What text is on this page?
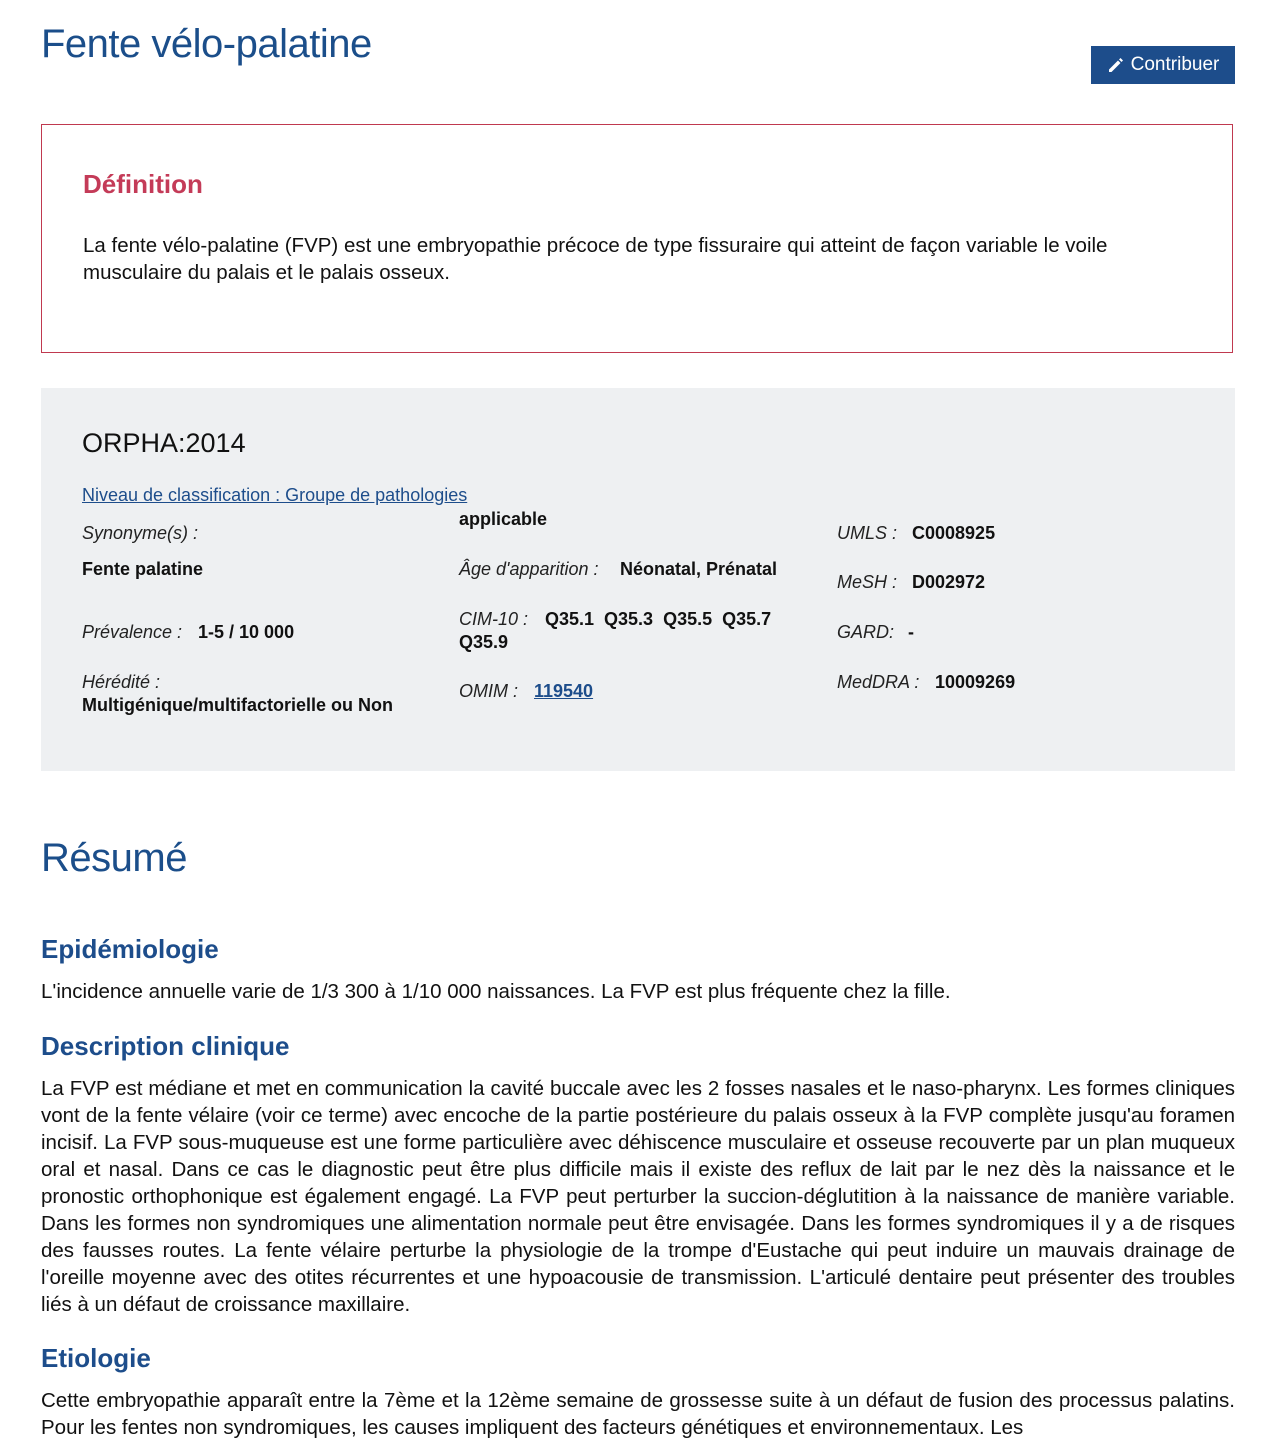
Fente vélo-palatine	Contribuer
Définition

La fente vélo-palatine (FVP) est une embryopathie précoce de type fissuraire qui atteint de façon variable le voile musculaire du palais et le palais osseux.

ORPHA:2014
Niveau de classification : Groupe de pathologies
Synonyme(s) :
Fente palatine
Prévalence : 1-5 / 10 000
Hérédité :
Multigénique/multifactorielle ou Non
applicable
Âge d'apparition : Néonatal, Prénatal
CIM-10 : Q35.1  Q35.3  Q35.5  Q35.7
Q35.9
OMIM : 119540
UMLS : C0008925
MeSH : D002972
GARD: -
MedDRA : 10009269
Résumé
Epidémiologie

L'incidence annuelle varie de 1/3 300 à 1/10 000 naissances. La FVP est plus fréquente chez la fille.

Description clinique

La FVP est médiane et met en communication la cavité buccale avec les 2 fosses nasales et le naso-pharynx. Les formes cliniques vont de la fente vélaire (voir ce terme) avec encoche de la partie postérieure du palais osseux à la FVP complète jusqu'au foramen incisif. La FVP sous-muqueuse est une forme particulière avec déhiscence musculaire et osseuse recouverte par un plan muqueux oral et nasal. Dans ce cas le diagnostic peut être plus difficile mais il existe des reflux de lait par le nez dès la naissance et le pronostic orthophonique est également engagé. La FVP peut perturber la succion-déglutition à la naissance de manière variable. Dans les formes non syndromiques une alimentation normale peut être envisagée. Dans les formes syndromiques il y a de risques des fausses routes. La fente vélaire perturbe la physiologie de la trompe d'Eustache qui peut induire un mauvais drainage de l'oreille moyenne avec des otites récurrentes et une hypoacousie de transmission. L'articulé dentaire peut présenter des troubles liés à un défaut de croissance maxillaire.

Etiologie

Cette embryopathie apparaît entre la 7ème et la 12ème semaine de grossesse suite à un défaut de fusion des processus palatins. Pour les fentes non syndromiques, les causes impliquent des facteurs génétiques et environnementaux. Les
